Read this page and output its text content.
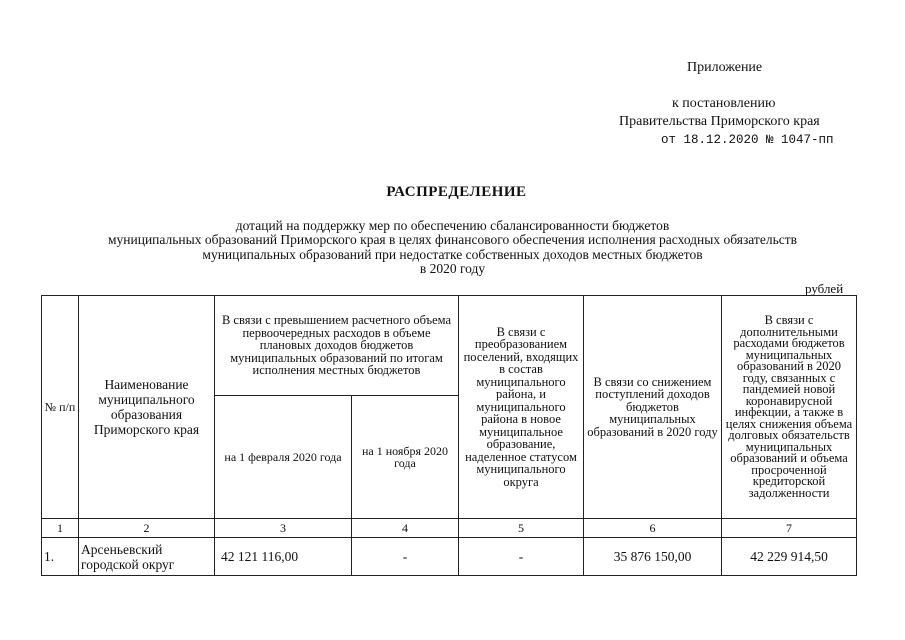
Приложение
к постановлению
Правительства Приморского края
от 18.12.2020 № 1047-пп
РАСПРЕДЕЛЕНИЕ
дотаций на поддержку мер по обеспечению сбалансированности бюджетов
муниципальных образований Приморского края в целях финансового обеспечения исполнения расходных обязательств
муниципальных образований при недостатке собственных доходов местных бюджетов
в 2020 году
рублей
№ п/п	Наименование муниципального образования Приморского края	В связи с превышением расчетного объема первоочередных расходов в объеме плановых доходов бюджетов муниципальных образований по итогам исполнения местных бюджетов		В связи с преобразованием поселений, входящих в состав муниципального района, и муниципального района в новое муниципальное образование, наделенное статусом муниципального округа	В связи со снижением поступлений доходов бюджетов муниципальных образований в 2020 году	В связи с дополнительными расходами бюджетов муниципальных образований в 2020 году, связанных с пандемией новой коронавирусной инфекции, а также в целях снижения объема долговых обязательств муниципальных образований и объема просроченной кредиторской задолженности
		на 1 февраля 2020 года	на 1 ноября 2020 года			
1	2	3	4	5	6	7
1.	Арсеньевский городской округ	42 121 116,00	-	-	35 876 150,00	42 229 914,50
